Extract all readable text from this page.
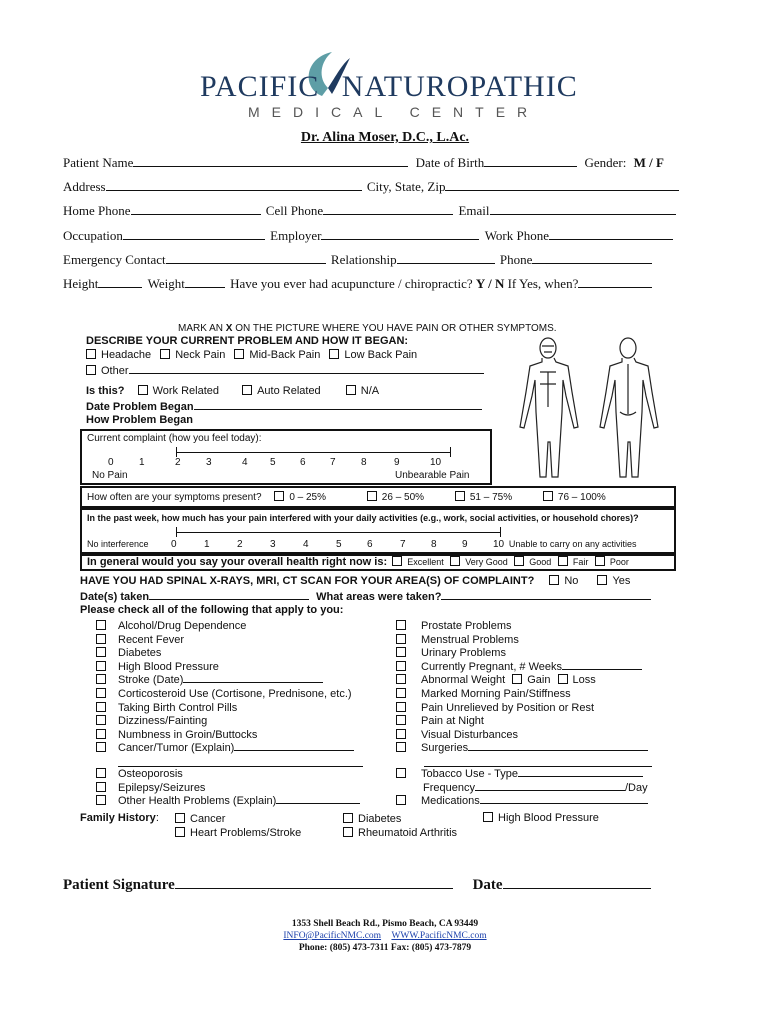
PACIFIC NATUROPATHIC
MEDICAL CENTER
Dr. Alina Moser, D.C., L.Ac.
Patient Name	Date of Birth	Gender: M / F
Address	City, State, Zip
Home Phone	Cell Phone	Email
Occupation	Employer	Work Phone
Emergency Contact	Relationship	Phone
Height	Weight	Have you ever had acupuncture / chiropractic? Y / N If Yes, when?
MARK AN X ON THE PICTURE WHERE YOU HAVE PAIN OR OTHER SYMPTOMS.
DESCRIBE YOUR CURRENT PROBLEM AND HOW IT BEGAN:
Headache Neck Pain Mid-Back Pain Low Back Pain
Other
Is this?	Work Related	Auto Related	N/A
Date Problem Began
How Problem Began
Current complaint (how you feel today):
0	1	2	3	4 5 6 7	8	9	10
No Pain	Unbearable Pain
How often are your symptoms present?	0 – 25%	26 – 50%	51 – 75%	76 – 100%
In the past week, how much has your pain interfered with your daily activities (e.g., work, social activities, or household chores)?
No interference 0	1	2	3	4	5	6	7	8	9	10 Unable to carry on any activities
In general would you say your overall health right now is: Excellent Very Good Good Fair Poor
HAVE YOU HAD SPINAL X-RAYS, MRI, CT SCAN FOR YOUR AREA(S) OF COMPLAINT?	No	Yes
Date(s) taken	What areas were taken?
Please check all of the following that apply to you:
Alcohol/Drug Dependence
Recent Fever
Diabetes
High Blood Pressure
Stroke (Date)
Corticosteroid Use (Cortisone, Prednisone, etc.)
Taking Birth Control Pills
Dizziness/Fainting
Numbness in Groin/Buttocks
Cancer/Tumor (Explain)
Prostate Problems
Menstrual Problems
Urinary Problems
Currently Pregnant, # Weeks
Abnormal Weight Gain Loss
Marked Morning Pain/Stiffness
Pain Unrelieved by Position or Rest
Pain at Night
Visual Disturbances
Surgeries
Osteoporosis
Epilepsy/Seizures
Other Health Problems (Explain)
Tobacco Use - Type
Frequency	/Day
Medications
Family History:	Cancer
Heart Problems/Stroke
Diabetes
Rheumatoid Arthritis
High Blood Pressure
Patient Signature	Date
1353 Shell Beach Rd., Pismo Beach, CA 93449
INFO@PacificNMC.com WWW.PacificNMC.com
Phone: (805) 473-7311 Fax: (805) 473-7879
